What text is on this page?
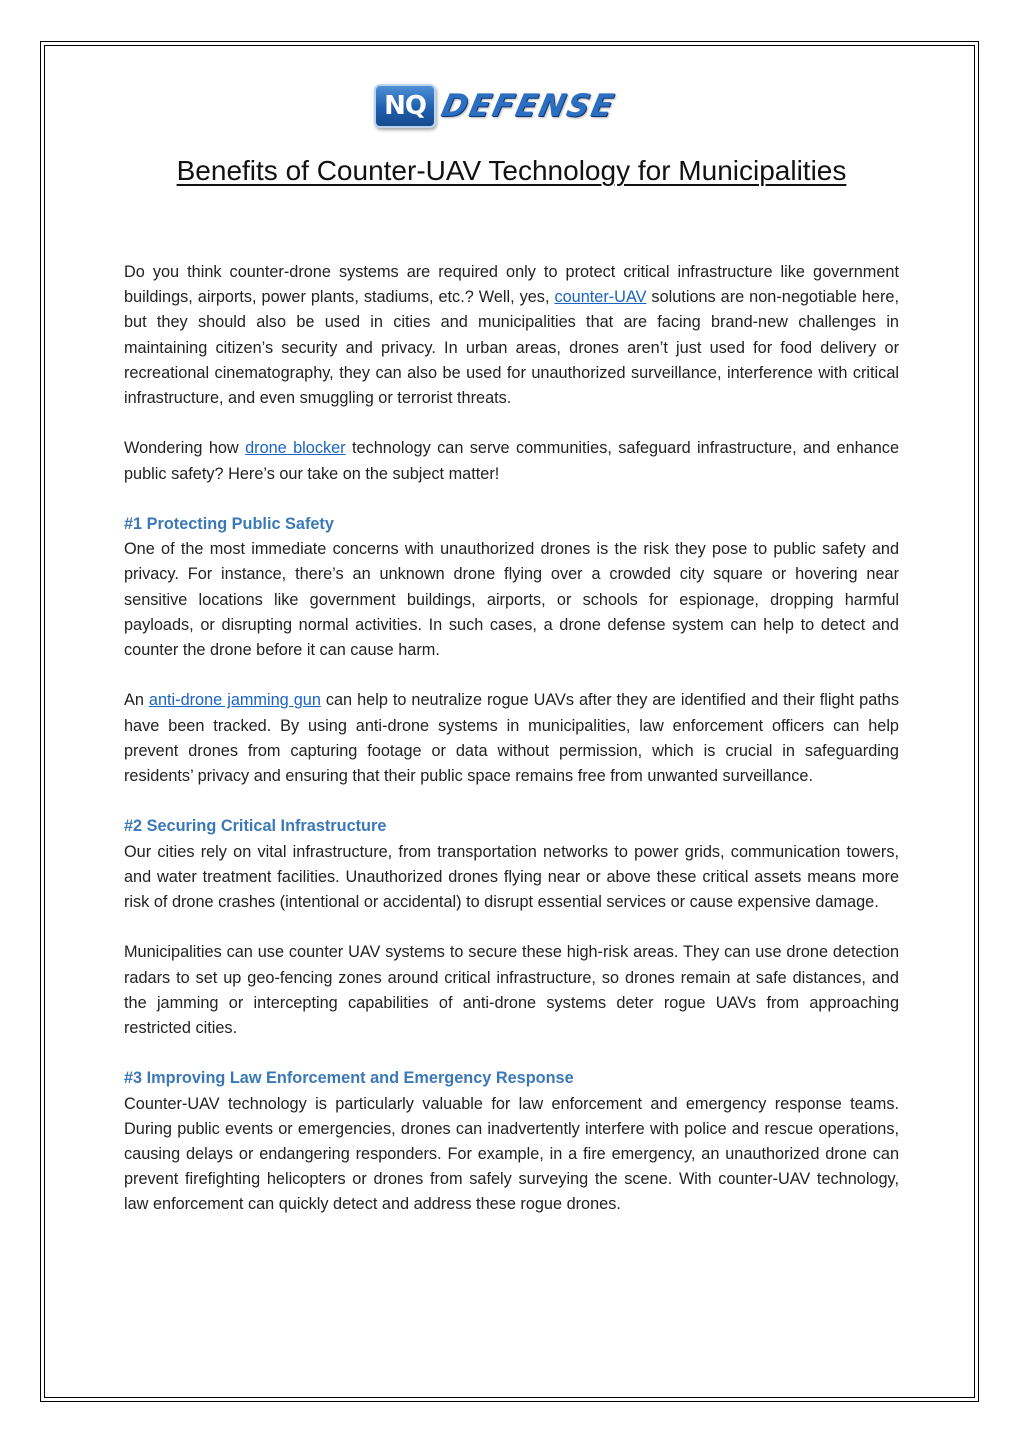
NQ DEFENSE
Benefits of Counter-UAV Technology for Municipalities

Do you think counter-drone systems are required only to protect critical infrastructure like government buildings, airports, power plants, stadiums, etc.? Well, yes, counter-UAV solutions are non-negotiable here, but they should also be used in cities and municipalities that are facing brand-new challenges in maintaining citizen’s security and privacy. In urban areas, drones aren’t just used for food delivery or recreational cinematography, they can also be used for unauthorized surveillance, interference with critical infrastructure, and even smuggling or terrorist threats.

Wondering how drone blocker technology can serve communities, safeguard infrastructure, and enhance public safety? Here’s our take on the subject matter!

#1 Protecting Public Safety

One of the most immediate concerns with unauthorized drones is the risk they pose to public safety and privacy. For instance, there’s an unknown drone flying over a crowded city square or hovering near sensitive locations like government buildings, airports, or schools for espionage, dropping harmful payloads, or disrupting normal activities. In such cases, a drone defense system can help to detect and counter the drone before it can cause harm.

An anti-drone jamming gun can help to neutralize rogue UAVs after they are identified and their flight paths have been tracked. By using anti-drone systems in municipalities, law enforcement officers can help prevent drones from capturing footage or data without permission, which is crucial in safeguarding residents’ privacy and ensuring that their public space remains free from unwanted surveillance.

#2 Securing Critical Infrastructure

Our cities rely on vital infrastructure, from transportation networks to power grids, communication towers, and water treatment facilities. Unauthorized drones flying near or above these critical assets means more risk of drone crashes (intentional or accidental) to disrupt essential services or cause expensive damage.

Municipalities can use counter UAV systems to secure these high-risk areas. They can use drone detection radars to set up geo-fencing zones around critical infrastructure, so drones remain at safe distances, and the jamming or intercepting capabilities of anti-drone systems deter rogue UAVs from approaching restricted cities.

#3 Improving Law Enforcement and Emergency Response

Counter-UAV technology is particularly valuable for law enforcement and emergency response teams. During public events or emergencies, drones can inadvertently interfere with police and rescue operations, causing delays or endangering responders. For example, in a fire emergency, an unauthorized drone can prevent firefighting helicopters or drones from safely surveying the scene. With counter-UAV technology, law enforcement can quickly detect and address these rogue drones.
